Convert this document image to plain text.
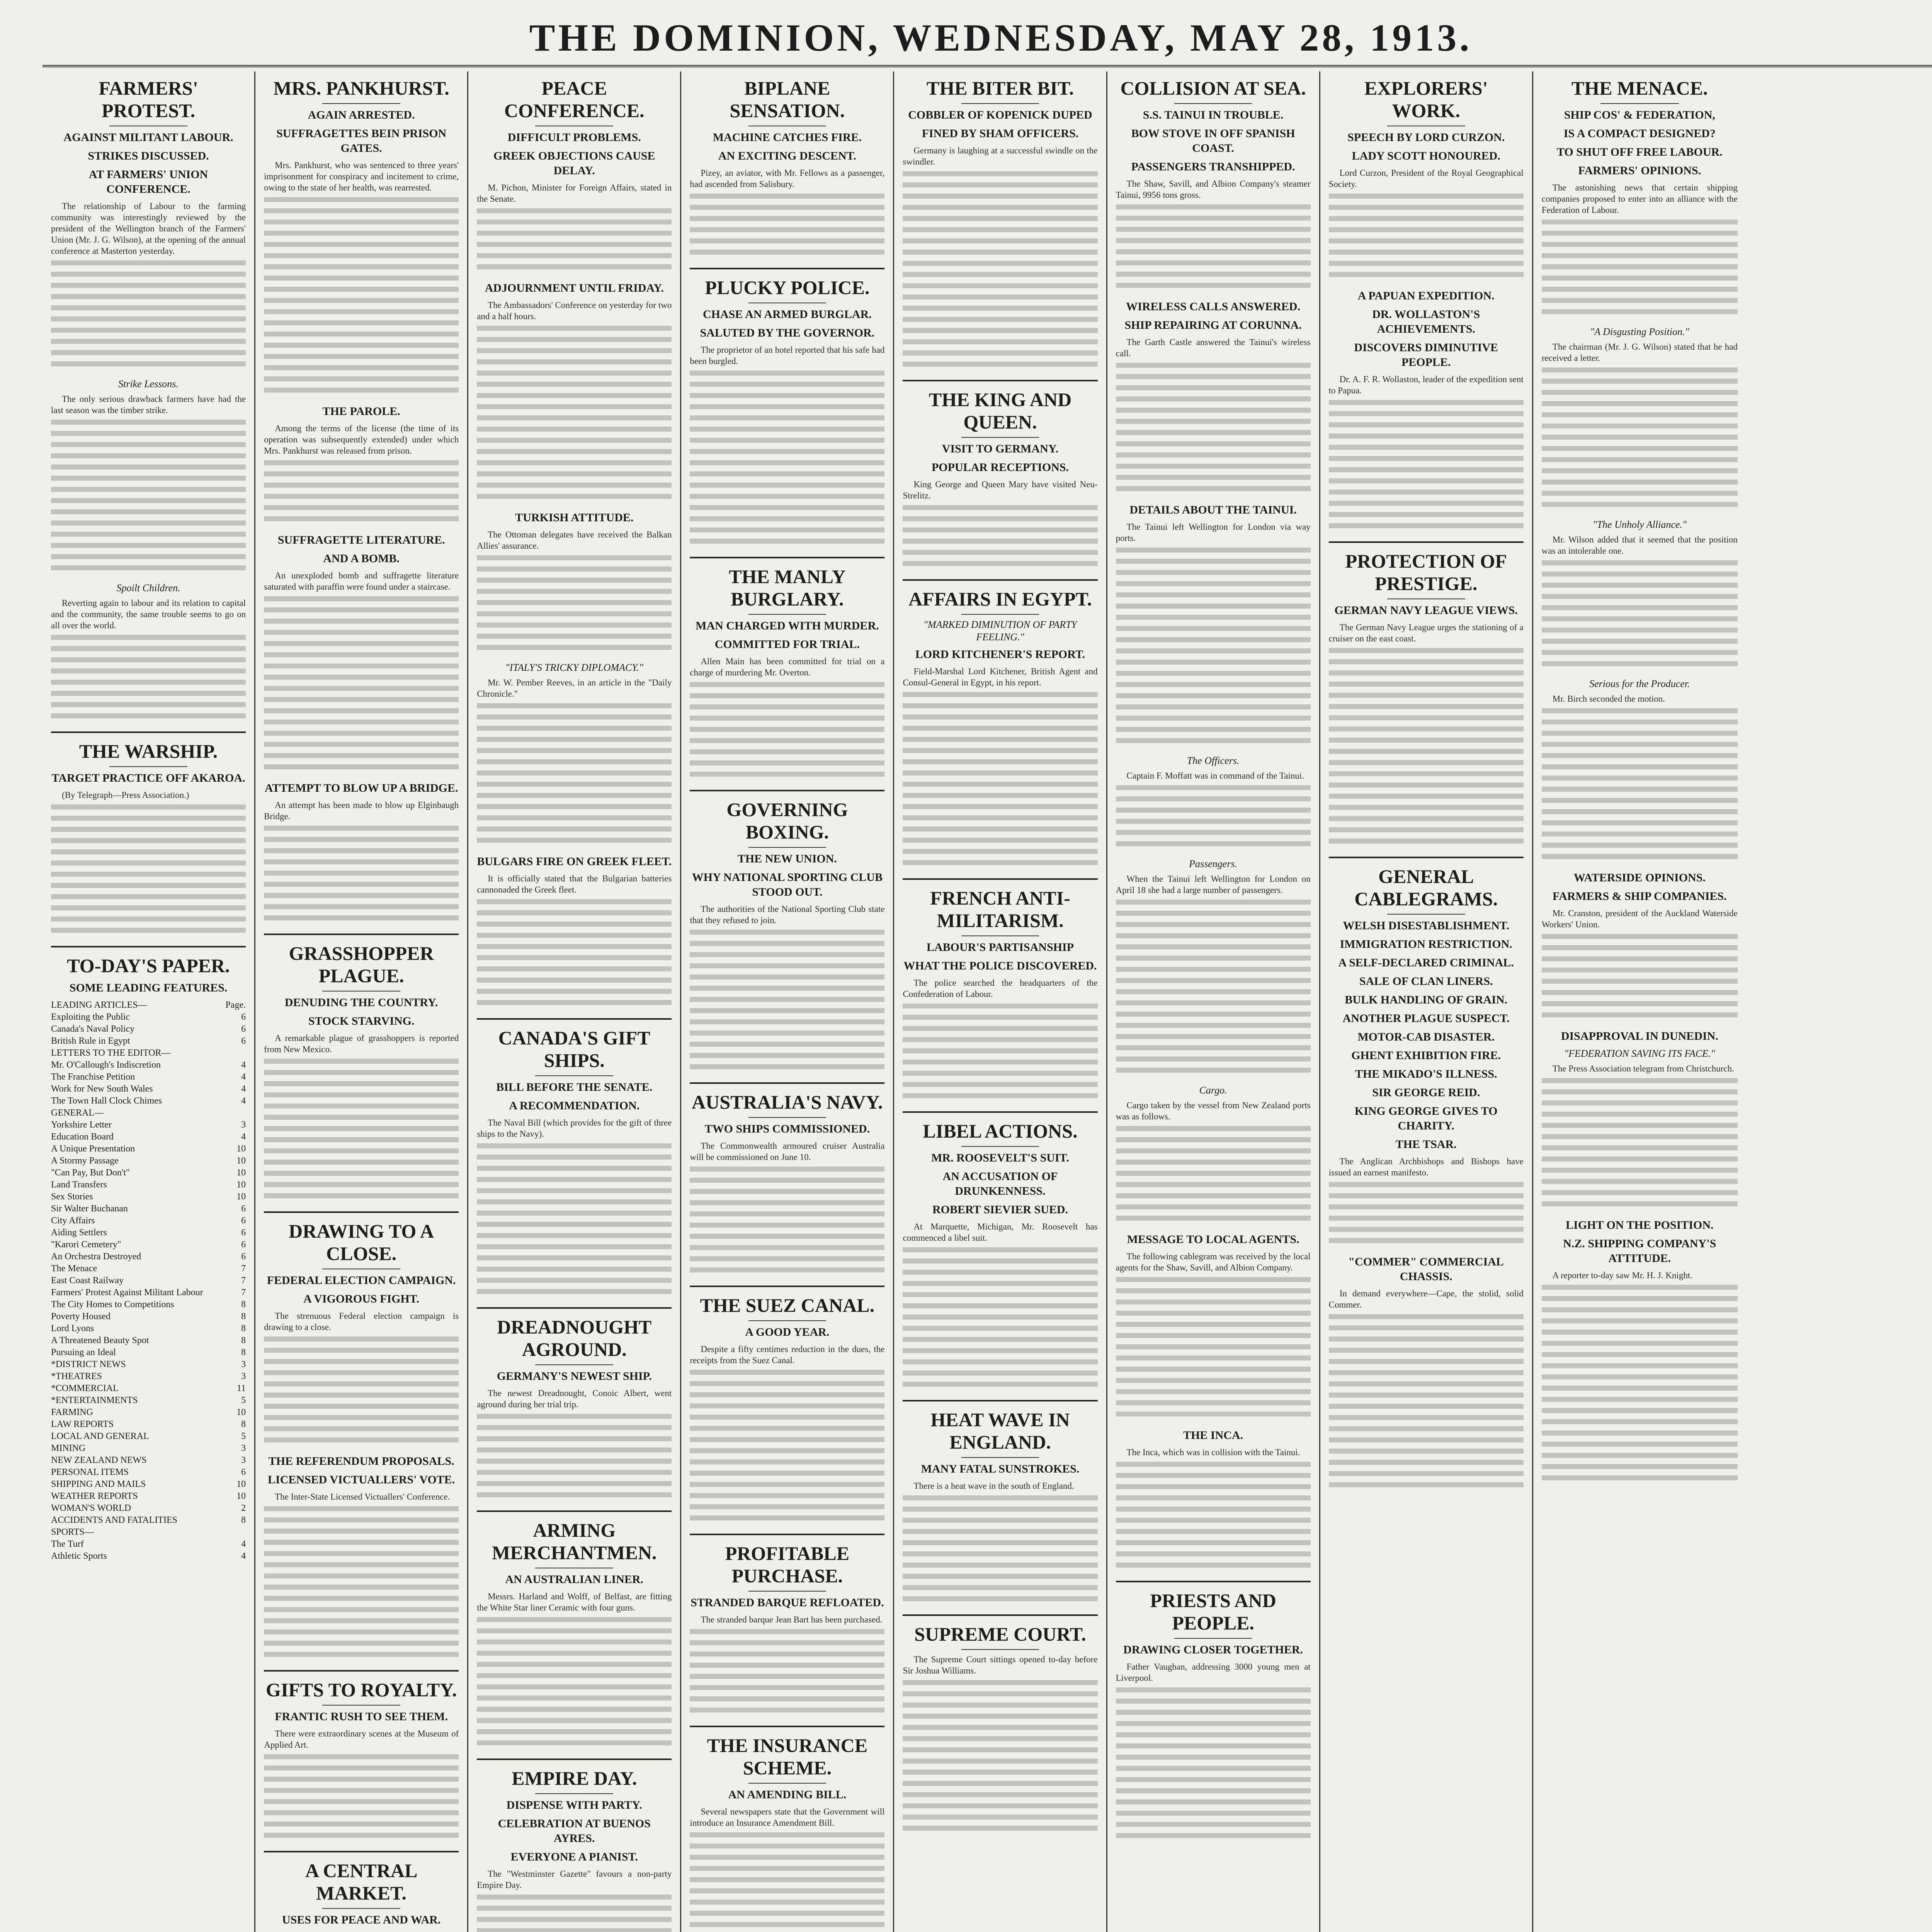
THE DOMINION, WEDNESDAY, MAY 28, 1913.
FARMERS' PROTEST.
AGAINST MILITANT LABOUR.
STRIKES DISCUSSED.
AT FARMERS' UNION CONFERENCE.
The relationship of Labour to the farming community was interestingly reviewed by the president of the Wellington branch of the Farmers' Union (Mr. J. G. Wilson), at the opening of the annual conference at Masterton yesterday.
Strike Lessons.
The only serious drawback farmers have had the last season was the timber strike.
Spoilt Children.
Reverting again to labour and its relation to capital and the community, the same trouble seems to go on all over the world.
THE WARSHIP.
TARGET PRACTICE OFF AKAROA.
(By Telegraph—Press Association.)
TO-DAY'S PAPER.
SOME LEADING FEATURES.
LEADING ARTICLES—	Page.
Exploiting the Public	6
Canada's Naval Policy	6
British Rule in Egypt	6
LETTERS TO THE EDITOR—
Mr. O'Callough's Indiscretion	4
The Franchise Petition	4
Work for New South Wales	4
The Town Hall Clock Chimes	4
GENERAL—
Yorkshire Letter	3
Education Board	4
A Unique Presentation	10
A Stormy Passage	10
"Can Pay, But Don't"	10
Land Transfers	10
Sex Stories	10
Sir Walter Buchanan	6
City Affairs	6
Aiding Settlers	6
"Karori Cemetery"	6
An Orchestra Destroyed	6
The Menace	7
East Coast Railway	7
Farmers' Protest Against Militant Labour	7
The City Homes to Competitions	8
Poverty Housed	8
Lord Lyons	8
A Threatened Beauty Spot	8
Pursuing an Ideal	8
*DISTRICT NEWS	3
*THEATRES	3
*COMMERCIAL	11
*ENTERTAINMENTS	5
FARMING	10
LAW REPORTS	8
LOCAL AND GENERAL	5
MINING	3
NEW ZEALAND NEWS	3
PERSONAL ITEMS	6
SHIPPING AND MAILS	10
WEATHER REPORTS	10
WOMAN'S WORLD	2
ACCIDENTS AND FATALITIES	8
SPORTS—
The Turf	4
Athletic Sports	4
MRS. PANKHURST.
AGAIN ARRESTED.
SUFFRAGETTES BEIN PRISON GATES.
Mrs. Pankhurst, who was sentenced to three years' imprisonment for conspiracy and incitement to crime, owing to the state of her health, was rearrested.
THE PAROLE.
Among the terms of the license (the time of its operation was subsequently extended) under which Mrs. Pankhurst was released from prison.
SUFFRAGETTE LITERATURE.
AND A BOMB.
An unexploded bomb and suffragette literature saturated with paraffin were found under a staircase.
ATTEMPT TO BLOW UP A BRIDGE.
An attempt has been made to blow up Elginbaugh Bridge.
GRASSHOPPER PLAGUE.
DENUDING THE COUNTRY.
STOCK STARVING.
A remarkable plague of grasshoppers is reported from New Mexico.
DRAWING TO A CLOSE.
FEDERAL ELECTION CAMPAIGN.
A VIGOROUS FIGHT.
The strenuous Federal election campaign is drawing to a close.
THE REFERENDUM PROPOSALS.
LICENSED VICTUALLERS' VOTE.
The Inter-State Licensed Victuallers' Conference.
GIFTS TO ROYALTY.
FRANTIC RUSH TO SEE THEM.
There were extraordinary scenes at the Museum of Applied Art.
A CENTRAL MARKET.
USES FOR PEACE AND WAR.
PEACE CONFERENCE.
DIFFICULT PROBLEMS.
GREEK OBJECTIONS CAUSE DELAY.
M. Pichon, Minister for Foreign Affairs, stated in the Senate.
ADJOURNMENT UNTIL FRIDAY.
The Ambassadors' Conference on yesterday for two and a half hours.
TURKISH ATTITUDE.
The Ottoman delegates have received the Balkan Allies' assurance.
"ITALY'S TRICKY DIPLOMACY."
Mr. W. Pember Reeves, in an article in the "Daily Chronicle."
BULGARS FIRE ON GREEK FLEET.
It is officially stated that the Bulgarian batteries cannonaded the Greek fleet.
CANADA'S GIFT SHIPS.
BILL BEFORE THE SENATE.
A RECOMMENDATION.
The Naval Bill (which provides for the gift of three ships to the Navy).
DREADNOUGHT AGROUND.
GERMANY'S NEWEST SHIP.
The newest Dreadnought, Conoic Albert, went aground during her trial trip.
ARMING MERCHANTMEN.
AN AUSTRALIAN LINER.
Messrs. Harland and Wolff, of Belfast, are fitting the White Star liner Ceramic with four guns.
EMPIRE DAY.
DISPENSE WITH PARTY.
CELEBRATION AT BUENOS AYRES.
EVERYONE A PIANIST.
The "Westminster Gazette" favours a non-party Empire Day.
BIPLANE SENSATION.
MACHINE CATCHES FIRE.
AN EXCITING DESCENT.
Pizey, an aviator, with Mr. Fellows as a passenger, had ascended from Salisbury.
PLUCKY POLICE.
CHASE AN ARMED BURGLAR.
SALUTED BY THE GOVERNOR.
The proprietor of an hotel reported that his safe had been burgled.
THE MANLY BURGLARY.
MAN CHARGED WITH MURDER.
COMMITTED FOR TRIAL.
Allen Main has been committed for trial on a charge of murdering Mr. Overton.
GOVERNING BOXING.
THE NEW UNION.
WHY NATIONAL SPORTING CLUB STOOD OUT.
The authorities of the National Sporting Club state that they refused to join.
AUSTRALIA'S NAVY.
TWO SHIPS COMMISSIONED.
The Commonwealth armoured cruiser Australia will be commissioned on June 10.
THE SUEZ CANAL.
A GOOD YEAR.
Despite a fifty centimes reduction in the dues, the receipts from the Suez Canal.
PROFITABLE PURCHASE.
STRANDED BARQUE REFLOATED.
The stranded barque Jean Bart has been purchased.
THE INSURANCE SCHEME.
AN AMENDING BILL.
Several newspapers state that the Government will introduce an Insurance Amendment Bill.
THE BITER BIT.
COBBLER OF KOPENICK DUPED
FINED BY SHAM OFFICERS.
Germany is laughing at a successful swindle on the swindler.
THE KING AND QUEEN.
VISIT TO GERMANY.
POPULAR RECEPTIONS.
King George and Queen Mary have visited Neu-Strelitz.
AFFAIRS IN EGYPT.
"MARKED DIMINUTION OF PARTY FEELING."
LORD KITCHENER'S REPORT.
Field-Marshal Lord Kitchener, British Agent and Consul-General in Egypt, in his report.
FRENCH ANTI-MILITARISM.
LABOUR'S PARTISANSHIP
WHAT THE POLICE DISCOVERED.
The police searched the headquarters of the Confederation of Labour.
LIBEL ACTIONS.
MR. ROOSEVELT'S SUIT.
AN ACCUSATION OF DRUNKENNESS.
ROBERT SIEVIER SUED.
At Marquette, Michigan, Mr. Roosevelt has commenced a libel suit.
HEAT WAVE IN ENGLAND.
MANY FATAL SUNSTROKES.
There is a heat wave in the south of England.
SUPREME COURT.
The Supreme Court sittings opened to-day before Sir Joshua Williams.
COLLISION AT SEA.
S.S. TAINUI IN TROUBLE.
BOW STOVE IN OFF SPANISH COAST.
PASSENGERS TRANSHIPPED.
The Shaw, Savill, and Albion Company's steamer Tainui, 9956 tons gross.
WIRELESS CALLS ANSWERED.
SHIP REPAIRING AT CORUNNA.
The Garth Castle answered the Tainui's wireless call.
DETAILS ABOUT THE TAINUI.
The Tainui left Wellington for London via way ports.
The Officers.
Captain F. Moffatt was in command of the Tainui.
Passengers.
When the Tainui left Wellington for London on April 18 she had a large number of passengers.
Cargo.
Cargo taken by the vessel from New Zealand ports was as follows.
MESSAGE TO LOCAL AGENTS.
The following cablegram was received by the local agents for the Shaw, Savill, and Albion Company.
THE INCA.
The Inca, which was in collision with the Tainui.
PRIESTS AND PEOPLE.
DRAWING CLOSER TOGETHER.
Father Vaughan, addressing 3000 young men at Liverpool.
EXPLORERS' WORK.
SPEECH BY LORD CURZON.
LADY SCOTT HONOURED.
Lord Curzon, President of the Royal Geographical Society.
A PAPUAN EXPEDITION.
DR. WOLLASTON'S ACHIEVEMENTS.
DISCOVERS DIMINUTIVE PEOPLE.
Dr. A. F. R. Wollaston, leader of the expedition sent to Papua.
PROTECTION OF PRESTIGE.
GERMAN NAVY LEAGUE VIEWS.
The German Navy League urges the stationing of a cruiser on the east coast.
GENERAL CABLEGRAMS.
WELSH DISESTABLISHMENT.
IMMIGRATION RESTRICTION.
A SELF-DECLARED CRIMINAL.
SALE OF CLAN LINERS.
BULK HANDLING OF GRAIN.
ANOTHER PLAGUE SUSPECT.
MOTOR-CAB DISASTER.
GHENT EXHIBITION FIRE.
THE MIKADO'S ILLNESS.
SIR GEORGE REID.
KING GEORGE GIVES TO CHARITY.
THE TSAR.
The Anglican Archbishops and Bishops have issued an earnest manifesto.
"COMMER" COMMERCIAL CHASSIS.
In demand everywhere—Cape, the stolid, solid Commer.
THE MENACE.
SHIP COS' & FEDERATION,
IS A COMPACT DESIGNED?
TO SHUT OFF FREE LABOUR.
FARMERS' OPINIONS.
The astonishing news that certain shipping companies proposed to enter into an alliance with the Federation of Labour.
"A Disgusting Position."
The chairman (Mr. J. G. Wilson) stated that he had received a letter.
"The Unholy Alliance."
Mr. Wilson added that it seemed that the position was an intolerable one.
Serious for the Producer.
Mr. Birch seconded the motion.
WATERSIDE OPINIONS.
FARMERS & SHIP COMPANIES.
Mr. Cranston, president of the Auckland Waterside Workers' Union.
DISAPPROVAL IN DUNEDIN.
"FEDERATION SAVING ITS FACE."
The Press Association telegram from Christchurch.
LIGHT ON THE POSITION.
N.Z. SHIPPING COMPANY'S ATTITUDE.
A reporter to-day saw Mr. H. J. Knight.
